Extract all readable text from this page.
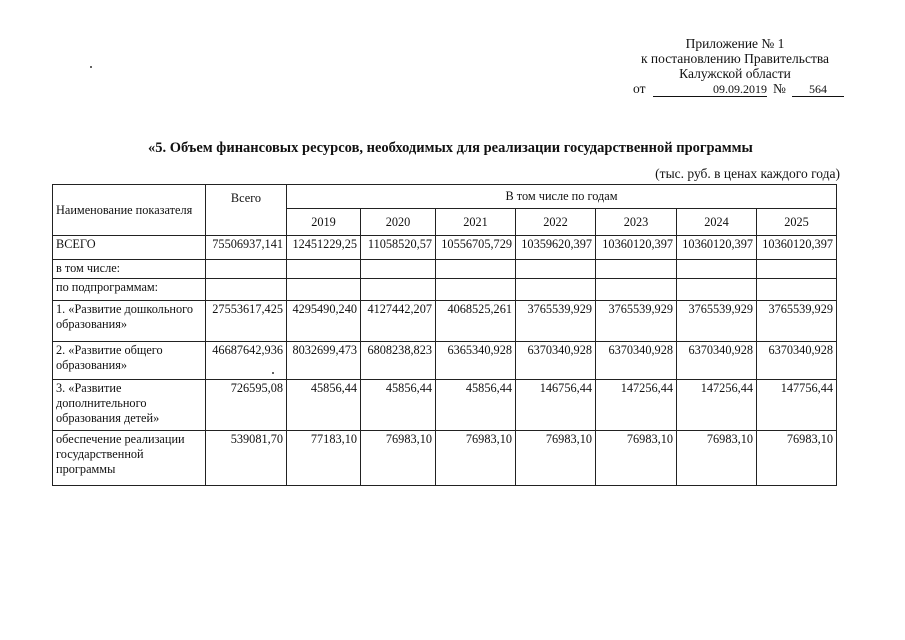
Приложение № 1
к постановлению Правительства
Калужской области
от	09.09.2019 №	564
«5. Объем финансовых ресурсов, необходимых для реализации государственной программы
(тыс. руб. в ценах каждого года)
Наименование показателя	Всего	В том числе по годам						
		2019	2020	2021	2022	2023	2024	2025
ВСЕГО	75506937,141	12451229,25	11058520,57	10556705,729	10359620,397	10360120,397	10360120,397	10360120,397
в том числе:								
по подпрограммам:								
1. «Развитие дошкольного образования»	27553617,425	4295490,240	4127442,207	4068525,261	3765539,929	3765539,929	3765539,929	3765539,929
2. «Развитие общего образования»	46687642,936	8032699,473	6808238,823	6365340,928	6370340,928	6370340,928	6370340,928	6370340,928
3. «Развитие дополнительного образования детей»	726595,08	45856,44	45856,44	45856,44	146756,44	147256,44	147256,44	147756,44
обеспечение реализации государственной программы	539081,70	77183,10	76983,10	76983,10	76983,10	76983,10	76983,10	76983,10
